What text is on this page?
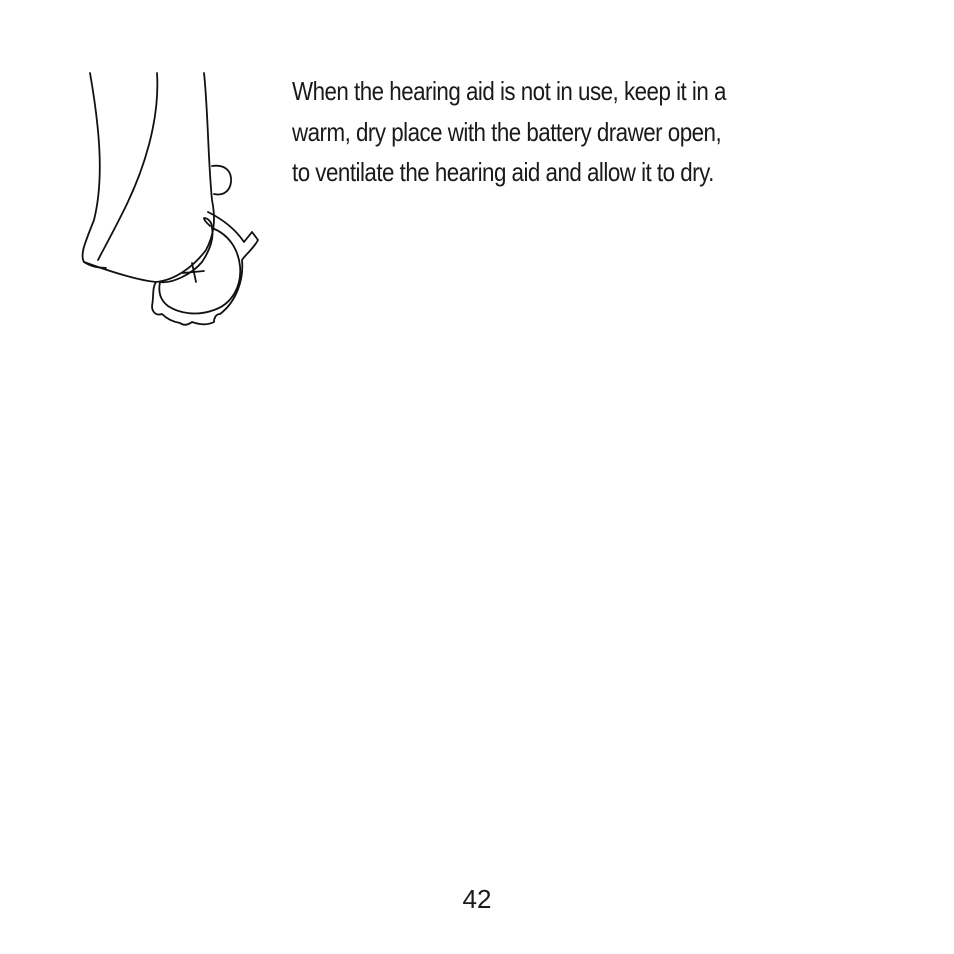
When the hearing aid is not in use, keep it in a
warm, dry place with the battery drawer open,
to ventilate the hearing aid and allow it to dry.

42
